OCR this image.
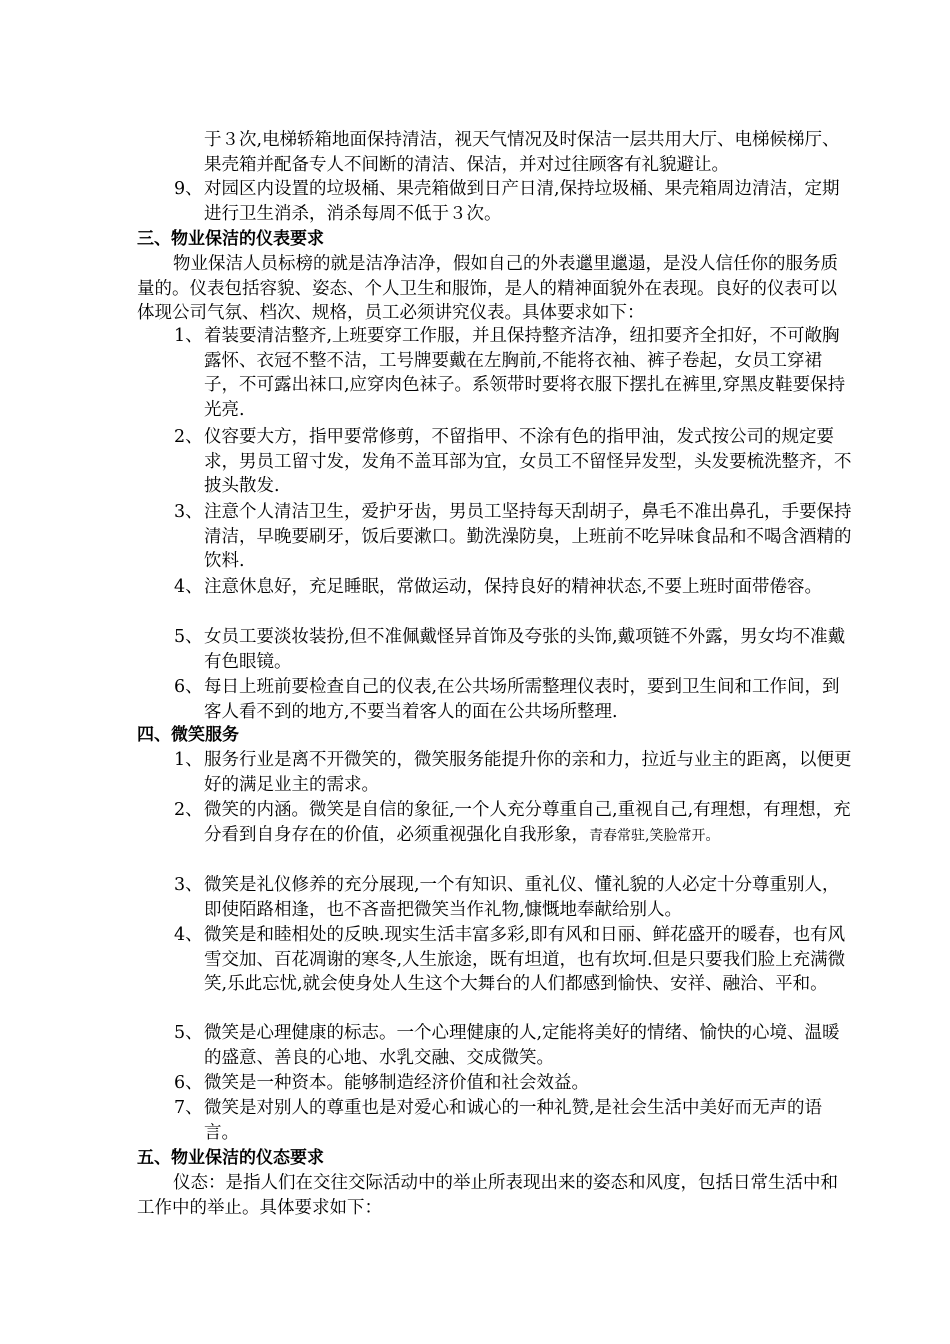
于３次,电梯轿箱地面保持清洁，视天气情况及时保洁一层共用大厅、电梯候梯厅、果壳箱并配备专人不间断的清洁、保洁，并对过往顾客有礼貌避让。
9、 对园区内设置的垃圾桶、果壳箱做到日产日清,保持垃圾桶、果壳箱周边清洁，定期进行卫生消杀，消杀每周不低于３次。
三、物业保洁的仪表要求
物业保洁人员标榜的就是洁净洁净，假如自己的外表邋里邋遢，是没人信任你的服务质量的。仪表包括容貌、姿态、个人卫生和服饰，是人的精神面貌外在表现。良好的仪表可以体现公司气氛、档次、规格，员工必须讲究仪表。具体要求如下：
1、 着装要清洁整齐,上班要穿工作服，并且保持整齐洁净，纽扣要齐全扣好，不可敞胸露怀、衣冠不整不洁，工号牌要戴在左胸前,不能将衣袖、裤子卷起，女员工穿裙子，不可露出袜口,应穿肉色袜子。系领带时要将衣服下摆扎在裤里,穿黑皮鞋要保持光亮.
2、 仪容要大方，指甲要常修剪，不留指甲、不涂有色的指甲油，发式按公司的规定要求，男员工留寸发，发角不盖耳部为宜，女员工不留怪异发型，头发要梳洗整齐，不披头散发.
3、 注意个人清洁卫生，爱护牙齿，男员工坚持每天刮胡子，鼻毛不准出鼻孔，手要保持清洁，早晚要刷牙，饭后要漱口。勤洗澡防臭，上班前不吃异味食品和不喝含酒精的饮料.
4、 注意休息好，充足睡眠，常做运动，保持良好的精神状态,不要上班时面带倦容。
5、 女员工要淡妆装扮,但不准佩戴怪异首饰及夸张的头饰,戴项链不外露，男女均不准戴有色眼镜。
6、 每日上班前要检查自己的仪表,在公共场所需整理仪表时，要到卫生间和工作间，到客人看不到的地方,不要当着客人的面在公共场所整理.
四、微笑服务
1、 服务行业是离不开微笑的，微笑服务能提升你的亲和力，拉近与业主的距离，以便更好的满足业主的需求。
2、 微笑的内涵。微笑是自信的象征,一个人充分尊重自己,重视自己,有理想，有理想，充分看到自身存在的价值，必须重视强化自我形象，青春常驻,笑脸常开。
3、 微笑是礼仪修养的充分展现,一个有知识、重礼仪、懂礼貌的人必定十分尊重别人，即使陌路相逢，也不吝啬把微笑当作礼物,慷慨地奉献给别人。
4、 微笑是和睦相处的反映.现实生活丰富多彩,即有风和日丽、鲜花盛开的暖春，也有风雪交加、百花凋谢的寒冬,人生旅途，既有坦道，也有坎坷.但是只要我们脸上充满微笑,乐此忘忧,就会使身处人生这个大舞台的人们都感到愉快、安祥、融洽、平和。
5、 微笑是心理健康的标志。一个心理健康的人,定能将美好的情绪、愉快的心境、温暖的盛意、善良的心地、水乳交融、交成微笑。
6、 微笑是一种资本。能够制造经济价值和社会效益。
7、 微笑是对别人的尊重也是对爱心和诚心的一种礼赞,是社会生活中美好而无声的语言。
五、物业保洁的仪态要求
仪态：是指人们在交往交际活动中的举止所表现出来的姿态和风度，包括日常生活中和工作中的举止。具体要求如下：
